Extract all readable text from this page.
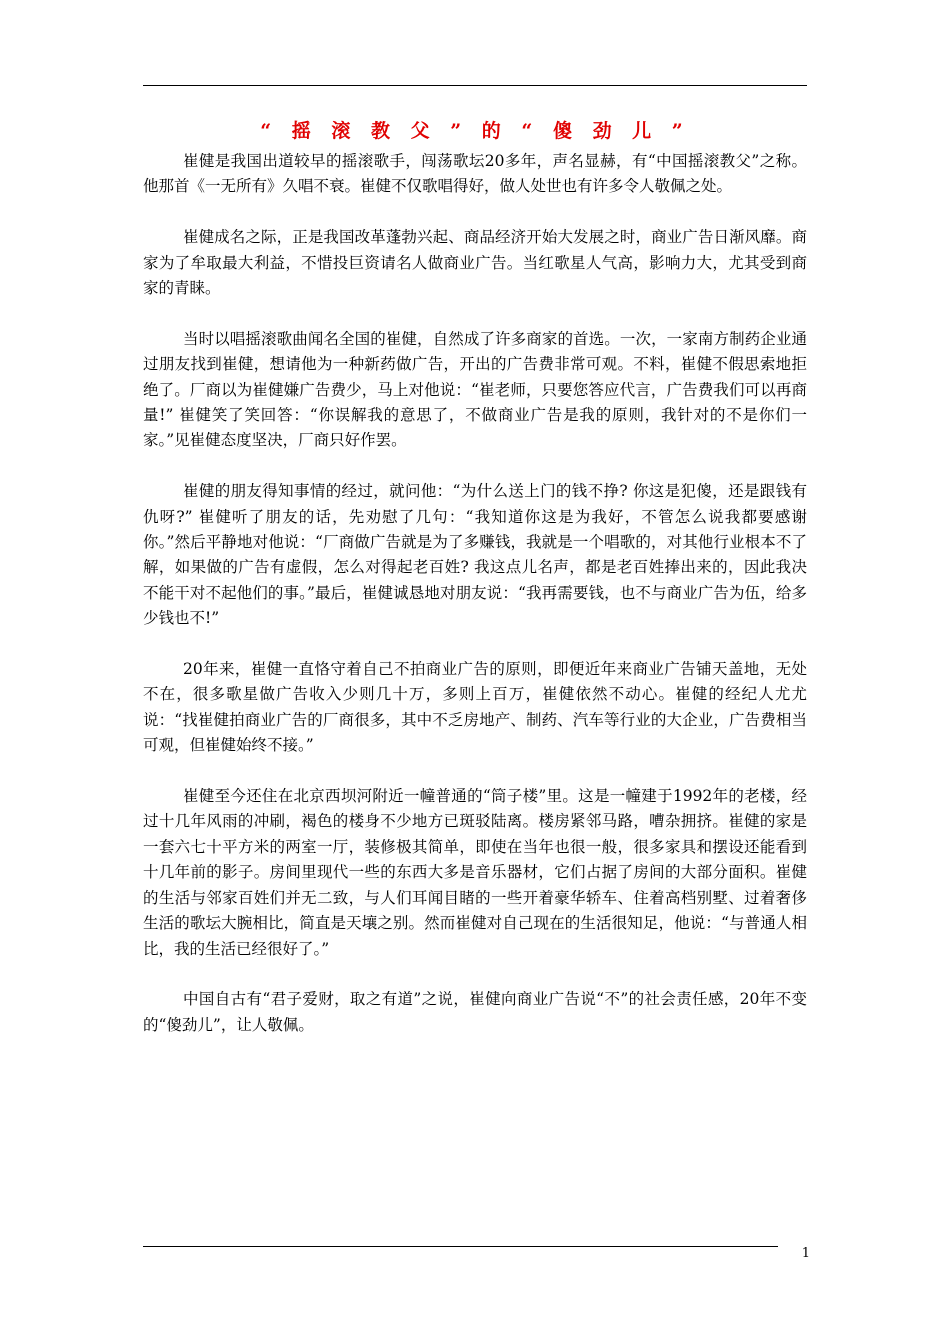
“ 摇 滚 教 父 ” 的 “ 傻 劲 儿 ”

崔健是我国出道较早的摇滚歌手，闯荡歌坛20多年，声名显赫，有“中国摇滚教父”之称。他那首《一无所有》久唱不衰。崔健不仅歌唱得好，做人处世也有许多令人敬佩之处。

崔健成名之际，正是我国改革蓬勃兴起、商品经济开始大发展之时，商业广告日渐风靡。商家为了牟取最大利益，不惜投巨资请名人做商业广告。当红歌星人气高，影响力大，尤其受到商家的青睐。

当时以唱摇滚歌曲闻名全国的崔健，自然成了许多商家的首选。一次，一家南方制药企业通过朋友找到崔健，想请他为一种新药做广告，开出的广告费非常可观。不料，崔健不假思索地拒绝了。厂商以为崔健嫌广告费少，马上对他说：“崔老师，只要您答应代言，广告费我们可以再商量!” 崔健笑了笑回答：“你误解我的意思了，不做商业广告是我的原则，我针对的不是你们一家。”见崔健态度坚决，厂商只好作罢。

崔健的朋友得知事情的经过，就问他：“为什么送上门的钱不挣? 你这是犯傻，还是跟钱有仇呀?” 崔健听了朋友的话，先劝慰了几句：“我知道你这是为我好，不管怎么说我都要感谢你。”然后平静地对他说：“厂商做广告就是为了多赚钱，我就是一个唱歌的，对其他行业根本不了解，如果做的广告有虚假，怎么对得起老百姓? 我这点儿名声，都是老百姓捧出来的，因此我决不能干对不起他们的事。”最后，崔健诚恳地对朋友说：“我再需要钱，也不与商业广告为伍，给多少钱也不!”

20年来，崔健一直恪守着自己不拍商业广告的原则，即便近年来商业广告铺天盖地，无处不在，很多歌星做广告收入少则几十万，多则上百万，崔健依然不动心。崔健的经纪人尤尤说：“找崔健拍商业广告的厂商很多，其中不乏房地产、制药、汽车等行业的大企业，广告费相当可观，但崔健始终不接。”

崔健至今还住在北京西坝河附近一幢普通的“筒子楼”里。这是一幢建于1992年的老楼，经过十几年风雨的冲刷，褐色的楼身不少地方已斑驳陆离。楼房紧邻马路，嘈杂拥挤。崔健的家是一套六七十平方米的两室一厅，装修极其简单，即使在当年也很一般，很多家具和摆设还能看到十几年前的影子。房间里现代一些的东西大多是音乐器材，它们占据了房间的大部分面积。崔健的生活与邻家百姓们并无二致，与人们耳闻目睹的一些开着豪华轿车、住着高档别墅、过着奢侈生活的歌坛大腕相比，简直是天壤之别。然而崔健对自己现在的生活很知足，他说：“与普通人相比，我的生活已经很好了。”

中国自古有“君子爱财，取之有道”之说，崔健向商业广告说“不”的社会责任感，20年不变的“傻劲儿”，让人敬佩。

1
